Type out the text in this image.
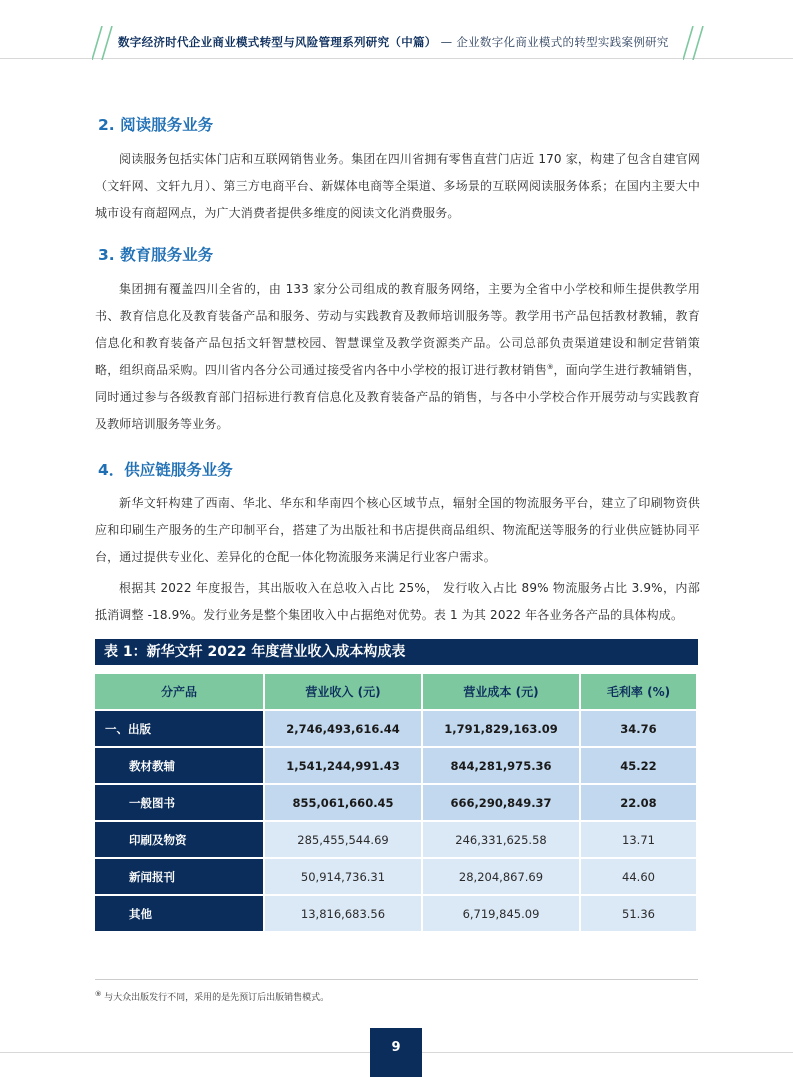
数字经济时代企业商业模式转型与风险管理系列研究（中篇） — 企业数字化商业模式的转型实践案例研究
2. 阅读服务业务

阅读服务包括实体门店和互联网销售业务。集团在四川省拥有零售直营门店近 170 家，构建了包含自建官网（文轩网、文轩九月）、第三方电商平台、新媒体电商等全渠道、多场景的互联网阅读服务体系；在国内主要大中城市设有商超网点，为广大消费者提供多维度的阅读文化消费服务。

3. 教育服务业务

集团拥有覆盖四川全省的，由 133 家分公司组成的教育服务网络，主要为全省中小学校和师生提供教学用书、教育信息化及教育装备产品和服务、劳动与实践教育及教师培训服务等。教学用书产品包括教材教辅，教育信息化和教育装备产品包括文轩智慧校园、智慧课堂及教学资源类产品。公司总部负责渠道建设和制定营销策略，组织商品采购。四川省内各分公司通过接受省内各中小学校的报订进行教材销售⑨，面向学生进行教辅销售，同时通过参与各级教育部门招标进行教育信息化及教育装备产品的销售，与各中小学校合作开展劳动与实践教育及教师培训服务等业务。

4．供应链服务业务

新华文轩构建了西南、华北、华东和华南四个核心区域节点，辐射全国的物流服务平台，建立了印刷物资供应和印刷生产服务的生产印制平台，搭建了为出版社和书店提供商品组织、物流配送等服务的行业供应链协同平台，通过提供专业化、差异化的仓配一体化物流服务来满足行业客户需求。

根据其 2022 年度报告，其出版收入在总收入占比 25%， 发行收入占比 89% 物流服务占比 3.9%，内部抵消调整 -18.9%。发行业务是整个集团收入中占据绝对优势。表 1 为其 2022 年各业务各产品的具体构成。

表 1：新华文轩 2022 年度营业收入成本构成表
分产品	营业收入 (元)	营业成本 (元)	毛利率 (%)
一、出版	2,746,493,616.44	1,791,829,163.09	34.76
教材教辅	1,541,244,991.43	844,281,975.36	45.22
一般图书	855,061,660.45	666,290,849.37	22.08
印刷及物资	285,455,544.69	246,331,625.58	13.71
新闻报刊	50,914,736.31	28,204,867.69	44.60
其他	13,816,683.56	6,719,845.09	51.36
⑨ 与大众出版发行不同，采用的是先预订后出版销售模式。
9
